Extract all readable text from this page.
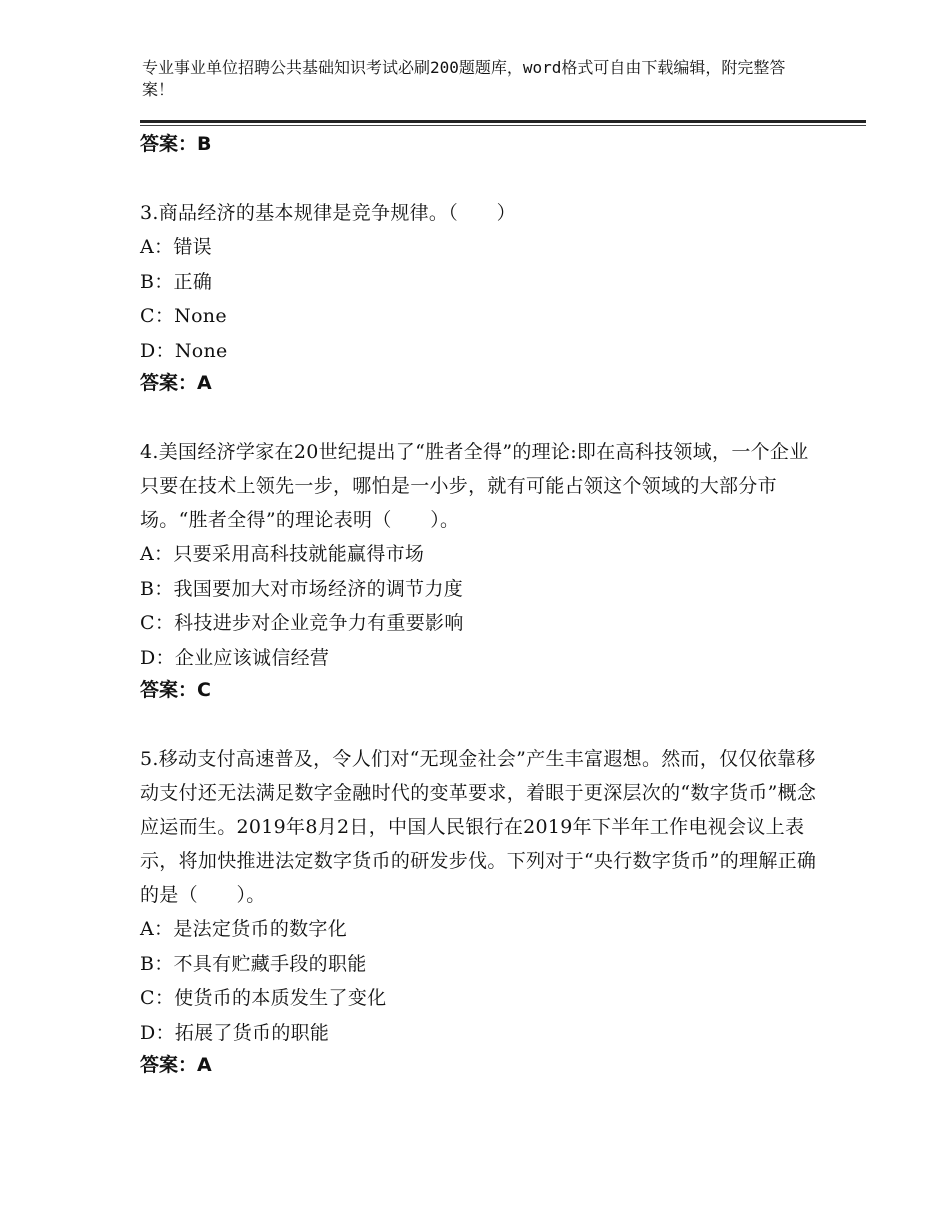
专业事业单位招聘公共基础知识考试必刷200题题库，word格式可自由下载编辑，附完整答案！
答案：B
3.商品经济的基本规律是竞争规律。（　　）
A：错误
B：正确
C：None
D：None
答案：A
4.美国经济学家在20世纪提出了“胜者全得”的理论:即在高科技领域，一个企业只要在技术上领先一步，哪怕是一小步，就有可能占领这个领域的大部分市场。“胜者全得”的理论表明（　　）。
A：只要采用高科技就能赢得市场
B：我国要加大对市场经济的调节力度
C：科技进步对企业竞争力有重要影响
D：企业应该诚信经营
答案：C
5.移动支付高速普及，令人们对“无现金社会”产生丰富遐想。然而，仅仅依靠移动支付还无法满足数字金融时代的变革要求，着眼于更深层次的“数字货币”概念应运而生。2019年8月2日，中国人民银行在2019年下半年工作电视会议上表示，将加快推进法定数字货币的研发步伐。下列对于“央行数字货币”的理解正确的是（　　）。
A：是法定货币的数字化
B：不具有贮藏手段的职能
C：使货币的本质发生了变化
D：拓展了货币的职能
答案：A
